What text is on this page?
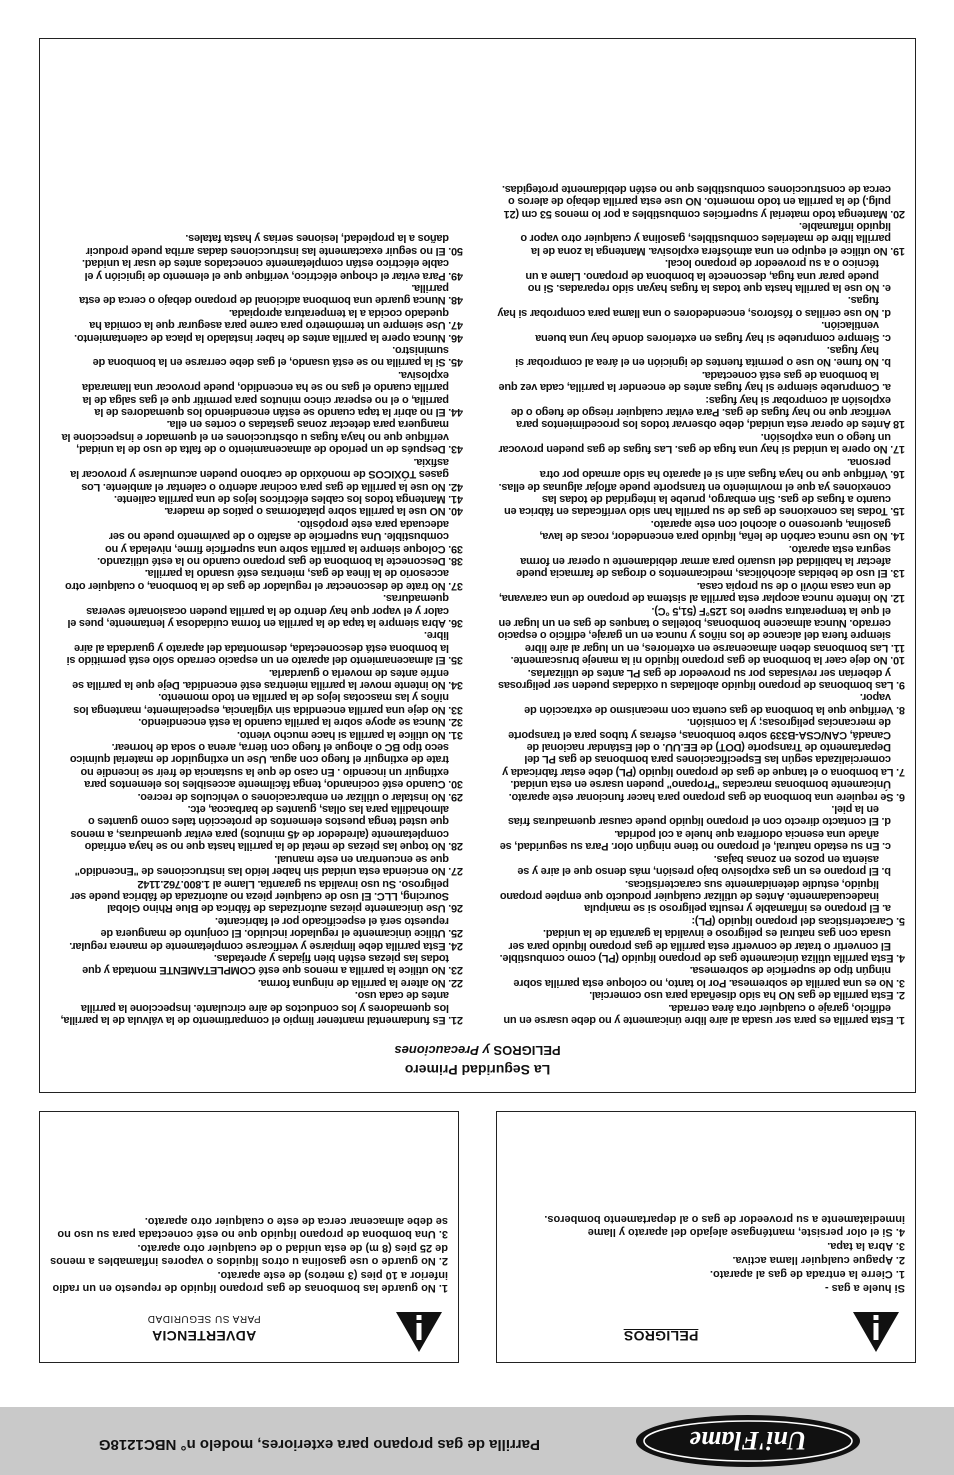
Uni'Flame
Parrilla de gas propano para exteriores, modelo n° NBC1218G
PELIGROS

Si huele a gas -

1. Cierre la entrada de gas al aparato.

2. Apague cualquier llama activa.

3. Abra la tapa.

4. Si el olor persiste, manténgase alejado del aparato y llame inmediatamente a su proveedor de gas o al departamento bomberos.

ADVERTENCIA
PARA SU SEGURIDAD

1. No guarde las bombonas de gas propano líquido de repuesto en un radio inferior a 10 pies (3 metros) de este aparato.

2. No guarde o use gasolina u otros líquidos o vapores inflamables a menos de 25 pies (8 m) de esta unidad o de cualquier otro aparato.

3. Una bombona de propano líquido que no esté conectada para su uso no se debe almacenar cerca de este o cualquier otro aparato.

La Seguridad Primero
PELIGROS y Precauciones
1. Esta parrilla es para ser usada al aire libre únicamente y no debe usarse en un edificio, garaje o cualquier otra área cerrada.
2. Esta parrilla de gas NO ha sido diseñada para uso comercial.
3. No es una parrilla de sobremesa. Por lo tanto, no coloque esta parrilla sobre ningún tipo de superficie de sobremesa.
4. Esta parrilla utiliza únicamente gas de propano líquido (PL) como combustible. El convertir o tratar de convertir esta parrilla de gas propano líquido para ser usada con gas natural es peligroso e invalida la garantía de la unidad.
5. Características del propano líquido (PL):
a. El propano es inflamable y resulta peligroso si se manipula inadecuadamente. Antes de utilizar cualquier producto que emplee propano líquido, estudie detenidamente sus características.
b. El propano es un gas explosivo bajo presión, más denso que el aire y se asienta en pozos en zonas bajas.
c. En su estado natural, el propano no tiene ningún olor. Para su seguridad, se añade una esencia odorífera que huele a col podrida.
d. El contacto directo con el propano líquido puede causar quemaduras frías en la piel.
6. Se requiere una bombona de gas propano para hacer funcionar este aparato. Únicamente bombonas marcadas "Propano" pueden usarse en esta unidad.
7. La bombona o el tanque de gas de propano líquido (PL) debe estar fabricada y comercializada según las Especificaciones para bombonas de gas PL del Departamento de Transporte (DOT) de EE.UU. o del Estándar nacional de Canadá, CAN/CSA-B339 sobre bombonas, esferas y tubos para el transporte de mercancías peligrosas; y la comisión.
8. Verifique que la bombona de gas cuenta con mecanismo de extracción de vapor.
9. Las bombonas de propano líquido abolladas u oxidadas pueden ser peligrosas y deberían ser revisadas por su proveedor de gas PL antes de utilizarlas.
10. No deje caer la bombona de gas propano líquido ni la maneje bruscamente.
11. Las bombonas deben almacenarse en exteriores, en un lugar al aire libre siempre fuera del alcance de los niños y nunca en un garaje, edificio o espacio cerrado. Nunca almacene bombonas, botellas o tanques de gas en un lugar en el que la temperatura supere los 125°F (51,5 °C).
12. No intente nunca acoplar esta parrilla al sistema de propano de una caravana, de una casa móvil o de su propia casa.
13. El uso de bebidas alcohólicas, medicamentos o drogas de farmacia puede afectar la habilidad del usuario para armar debidamente u operar en forma segura esta aparato.
14. No use nunca carbón de leña, líquido para encendedor, rocas de lava, gasolina, queroseno o alcohol con este aparato.
15. Todas las conexiones de gas de su parrilla han sido verificadas en fábrica en cuanto a fugas de gas. Sin embargo, pruebe la integridad de todas las conexiones ya que el movimiento en transporte puede aflojar algunas de ellas.
16. Verifique que no haya fugas aún si el aparato ha sido armado por otra persona.
17. No opere la unidad si hay una fuga de gas. Las fugas de gas pueden provocar un fuego o una explosión.
18 Antes de operar esta unidad, debe observar todos los procedimientos para verificar que no hay fugas de gas. Para evitar cualquier riesgo de fuego o de explosión al comprobar si hay fugas:
a. Compruebe siempre si hay fugas antes de encender la parrilla, cada vez que la bombona de gas está conectada.
b. No fume. No use o permita fuentes de ignición en el área al comprobar si hay fugas.
c. Siempre compruebe si hay fugas en exteriores donde hay una buena ventilación.
d. No use cerillas o fósforos, encendedores o una llama para comprobar si hay fugas.
e. No use la parrilla hasta que todas la fugas hayan sido reparadas. Si no puede parar una fuga, desconecte la bombona de propano. Llame a un técnico o a su proveedor de propano local.
19. No utilice el equipo en una atmósfera explosiva. Mantenga la zona de la parrilla libre de materiales combustibles, gasolina y cualquier otro vapor o líquido inflamable.
20. Mantenga todo material y superficies combustibles a por lo menos 53 cm (21 pulg.) de la parrilla en todo momento. NO use esta parrilla debajo de aleros o cerca de construcciones combustibles que no estén debidamente protegidas.
21. Es fundamental mantener limpio el compartimento de la válvula de la parrilla, los quemadores y los conductos de aire circulante. Inspeccione la parrilla antes de cada uso.
22. No altere la parrilla de ninguna forma.
23. No utilice la parrilla a menos que esté COMPLETAMENTE montada y que todas las piezas estén bien fijadas y apretadas.
24. Esta parrilla debe limpiarse y verificarse completamente de manera regular.
25. Utilice únicamente el regulador incluido. El conjunto de manguera de repuesto será el especificado por el fabricante.
26. Use únicamente piezas autorizadas de fábrica de Blue Rhino Global Sourcing, LLC. El uso de cualquier pieza no autorizada de fábrica puede ser peligroso. Su uso invalida su garantía. Llame al 1.800.762.1142
27. No encienda esta unidad sin haber leído las instrucciones de "Encendido" que se encuentran en este manual.
28. No toque las piezas de metal de la parrilla hasta que no se haya enfriado completamente (alrededor de 45 minutos) para evitar quemaduras, a menos que usted tenga puestos elementos de protección tales como guantes o almohadilla para las ollas, guantes de barbacoa, etc.
29. No instalar o utilizar en embarcaciones o vehículos de recreo.
30. Cuando esté cocinando, tenga fácilmente accesibles los elementos para extinguir un incendio . En caso de que la sustancia de freír se incendie no trate de extinguir el fuego con agua. Use un extinguidor de material químico seco tipo BC o ahogue el fuego con tierra, arena o soda de hornear.
31. No utilice la parrilla si hace mucho viento.
32. Nunca se apoye sobre la parrilla cuando la está encendiendo.
33. No deje una parrilla encendida sin vigilancia, especialmente, mantenga los niños y las mascotas lejos de la parrilla en todo momento.
34. No intente mover la parrilla mientras esté encendida. Deje que la parrilla se enfríe antes de moverla o guardarla.
35. El almacenamiento del aparato en un espacio cerrado sólo está permitido si la bombona está desconectada, desmontada del aparato y guardada al aire libre.
36. Abra siempre la tapa de la parrilla en forma cuidadosa y lentamente, pues el calor y el vapor que hay dentro de la parrilla pueden ocasionarle severas quemaduras.
37. No trate de desconectar el regulador de gas de la bombona, o cualquier otro accesorio de la línea de gas, mientras esté usando la parrilla.
38. Desconecte la bombona de gas propano cuando no la esté utilizando.
39. Coloque siempre la parrilla sobre una superficie firme, nivelada y no combustible. Una superficie de asfalto o de pavimento puede no ser adecuada para este propósito.
40. NO use la parrilla sobre plataformas o patios de madera.
41. Mantenga todos los cables eléctricos lejos de una parrilla caliente.
42. No use la parrilla de gas para cocinar adentro o calentar el ambiente. Los gases TÓXICOS de monóxido de carbono pueden acumularse y provocar la asfixia.
43. Después de un período de almacenamiento o de falta de uso de la unidad, verifique que no haya fugas u obstrucciones en el quemador e inspeccione la manguera para detectar zonas gastadas o cortes en ella.
44. El no abrir la tapa cuando se están encendiendo los quemadores de la parrilla, o el no esperar cinco minutos para permitir que el gas salga de la parrilla cuando el gas no se ha encendido, puede provocar una llamarada explosiva.
45. Si la parrilla no se está usando, el gas debe cerrarse en la bombona de suministro.
46. Nunca opere la parrilla antes de haber instalado la placa de calentamiento.
47. Use siempre un termómetro para carne para asegurar que la comida ha quedado cocida a la temperatura apropiada.
48. Nunca guarde una bombona adicional de propano debajo o cerca de esta parrilla.
49. Para evitar el choque eléctrico, verifique que el elemento de ignición y el cable eléctrico están completamente conectados antes de usar la unidad.
50. El no seguir exactamente las instrucciones dadas arriba puede producir daños a la propiedad, lesiones serias y hasta fatales.
